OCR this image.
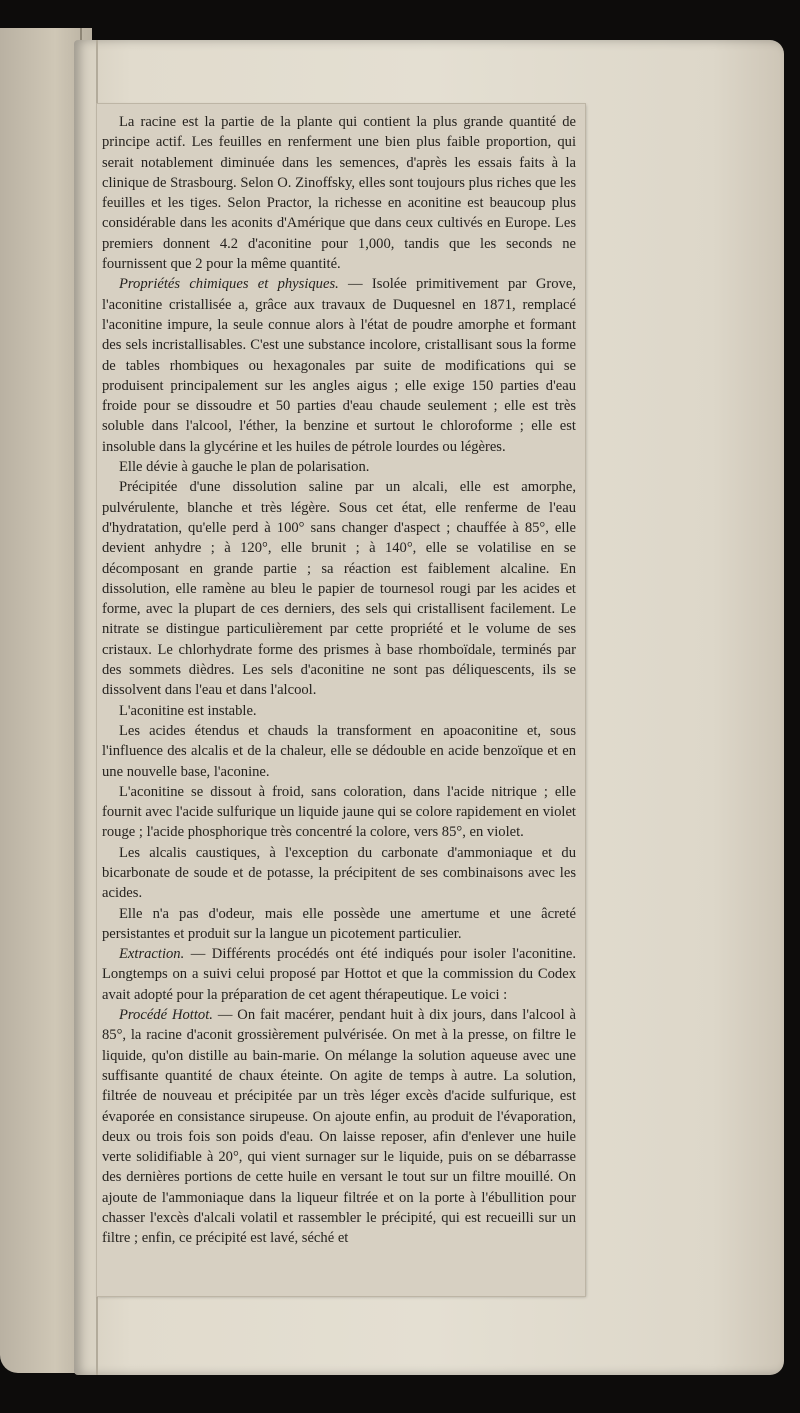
La racine est la partie de la plante qui contient la plus grande quantité de principe actif. Les feuilles en renferment une bien plus faible proportion, qui serait notablement diminuée dans les semences, d'après les essais faits à la clinique de Strasbourg. Selon O. Zinoffsky, elles sont toujours plus riches que les feuilles et les tiges. Selon Practor, la richesse en aconitine est beaucoup plus considérable dans les aconits d'Amérique que dans ceux cultivés en Europe. Les premiers donnent 4.2 d'aconitine pour 1,000, tandis que les seconds ne fournissent que 2 pour la même quantité.

Propriétés chimiques et physiques. — Isolée primitivement par Grove, l'aconitine cristallisée a, grâce aux travaux de Duquesnel en 1871, remplacé l'aconitine impure, la seule connue alors à l'état de poudre amorphe et formant des sels incristallisables. C'est une substance incolore, cristallisant sous la forme de tables rhombiques ou hexagonales par suite de modifications qui se produisent principalement sur les angles aigus ; elle exige 150 parties d'eau froide pour se dissoudre et 50 parties d'eau chaude seulement ; elle est très soluble dans l'alcool, l'éther, la benzine et surtout le chloroforme ; elle est insoluble dans la glycérine et les huiles de pétrole lourdes ou légères.

Elle dévie à gauche le plan de polarisation.

Précipitée d'une dissolution saline par un alcali, elle est amorphe, pulvérulente, blanche et très légère. Sous cet état, elle renferme de l'eau d'hydratation, qu'elle perd à 100° sans changer d'aspect ; chauffée à 85°, elle devient anhydre ; à 120°, elle brunit ; à 140°, elle se volatilise en se décomposant en grande partie ; sa réaction est faiblement alcaline. En dissolution, elle ramène au bleu le papier de tournesol rougi par les acides et forme, avec la plupart de ces derniers, des sels qui cristallisent facilement. Le nitrate se distingue particulièrement par cette propriété et le volume de ses cristaux. Le chlorhydrate forme des prismes à base rhomboïdale, terminés par des sommets dièdres. Les sels d'aconitine ne sont pas déliquescents, ils se dissolvent dans l'eau et dans l'alcool.

L'aconitine est instable.

Les acides étendus et chauds la transforment en apoaconitine et, sous l'influence des alcalis et de la chaleur, elle se dédouble en acide benzoïque et en une nouvelle base, l'aconine.

L'aconitine se dissout à froid, sans coloration, dans l'acide nitrique ; elle fournit avec l'acide sulfurique un liquide jaune qui se colore rapidement en violet rouge ; l'acide phosphorique très concentré la colore, vers 85°, en violet.

Les alcalis caustiques, à l'exception du carbonate d'ammoniaque et du bicarbonate de soude et de potasse, la précipitent de ses combinaisons avec les acides.

Elle n'a pas d'odeur, mais elle possède une amertume et une âcreté persistantes et produit sur la langue un picotement particulier.

Extraction. — Différents procédés ont été indiqués pour isoler l'aconitine. Longtemps on a suivi celui proposé par Hottot et que la commission du Codex avait adopté pour la préparation de cet agent thérapeutique. Le voici :

Procédé Hottot. — On fait macérer, pendant huit à dix jours, dans l'alcool à 85°, la racine d'aconit grossièrement pulvérisée. On met à la presse, on filtre le liquide, qu'on distille au bain-marie. On mélange la solution aqueuse avec une suffisante quantité de chaux éteinte. On agite de temps à autre. La solution, filtrée de nouveau et précipitée par un très léger excès d'acide sulfurique, est évaporée en consistance sirupeuse. On ajoute enfin, au produit de l'évaporation, deux ou trois fois son poids d'eau. On laisse reposer, afin d'enlever une huile verte solidifiable à 20°, qui vient surnager sur le liquide, puis on se débarrasse des dernières portions de cette huile en versant le tout sur un filtre mouillé. On ajoute de l'ammoniaque dans la liqueur filtrée et on la porte à l'ébullition pour chasser l'excès d'alcali volatil et rassembler le précipité, qui est recueilli sur un filtre ; enfin, ce précipité est lavé, séché et
